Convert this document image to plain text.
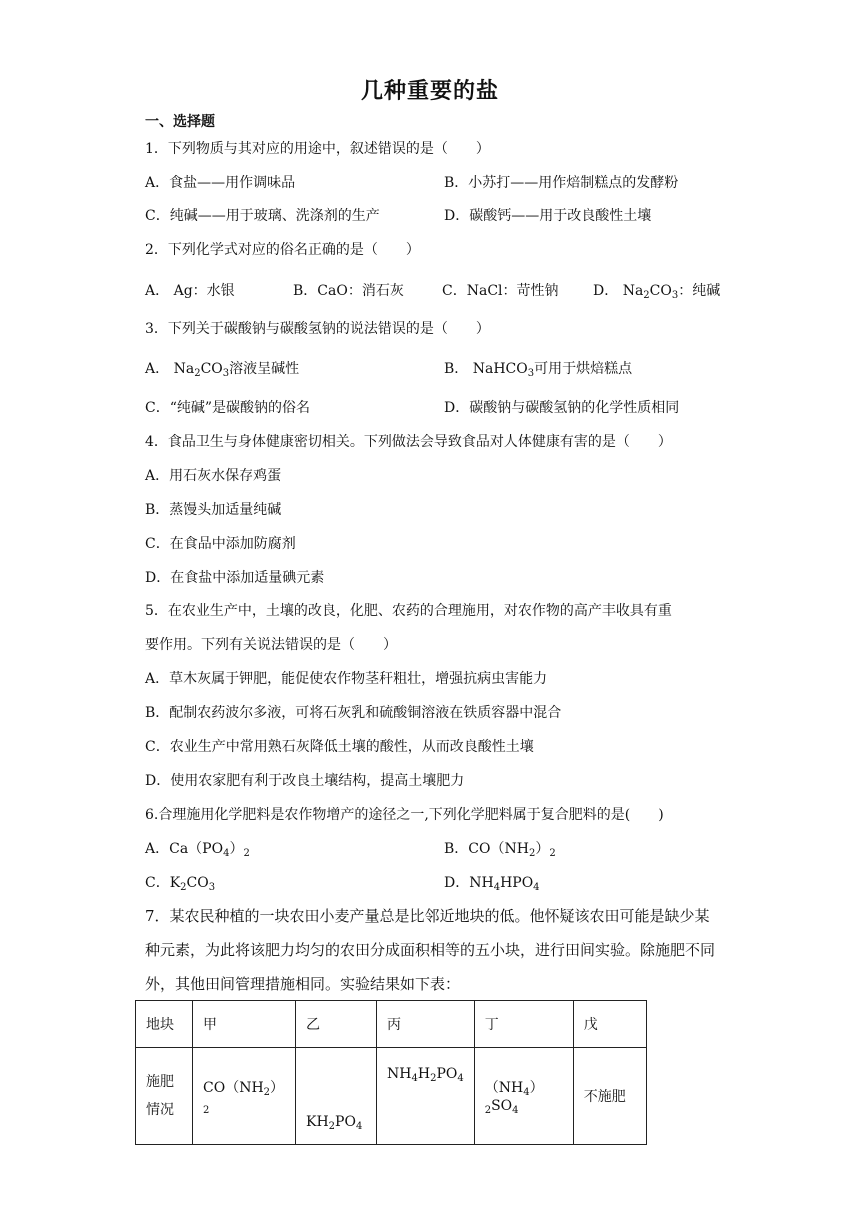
几种重要的盐
一、选择题
1．下列物质与其对应的用途中，叙述错误的是（　　）
A．食盐——用作调味品	B．小苏打——用作焙制糕点的发酵粉
C．纯碱——用于玻璃、洗涤剂的生产	D．碳酸钙——用于改良酸性土壤
2．下列化学式对应的俗名正确的是（　　）
A． Ag：水银	B．CaO：消石灰	C．NaCl：苛性钠 D． $Na_2CO_3$：纯碱
3．下列关于碳酸钠与碳酸氢钠的说法错误的是（　　）
A． $Na_2CO_3$溶液呈碱性	B． NaHCO$_3$可用于烘焙糕点
C．“纯碱”是碳酸钠的俗名	D．碳酸钠与碳酸氢钠的化学性质相同
4．食品卫生与身体健康密切相关。下列做法会导致食品对人体健康有害的是（　　）
A．用石灰水保存鸡蛋
B．蒸馒头加适量纯碱
C．在食品中添加防腐剂
D．在食盐中添加适量碘元素
5．在农业生产中，土壤的改良，化肥、农药的合理施用，对农作物的高产丰收具有重
要作用。下列有关说法错误的是（　　）
A．草木灰属于钾肥，能促使农作物茎秆粗壮，增强抗病虫害能力
B．配制农药波尔多液，可将石灰乳和硫酸铜溶液在铁质容器中混合
C．农业生产中常用熟石灰降低土壤的酸性，从而改良酸性土壤
D．使用农家肥有利于改良土壤结构，提高土壤肥力
6.合理施用化学肥料是农作物增产的途径之一,下列化学肥料属于复合肥料的是(　　)
A．$Ca(PO_4)_2$	B．$CO(NH_2)_2$
C．$K_2CO_3$	D．$NH_4HPO_4$
7．某农民种植的一块农田小麦产量总是比邻近地块的低。他怀疑该农田可能是缺少某
种元素，为此将该肥力均匀的农田分成面积相等的五小块，进行田间实验。除施肥不同
外，其他田间管理措施相同。实验结果如下表：
地块	甲	乙	丙	丁	戊
施肥
情况	$CO(NH_2)_2$	$KH_2PO_4$	$NH_4H_2PO_4$	$(NH_4)_2SO_4$	不施肥
